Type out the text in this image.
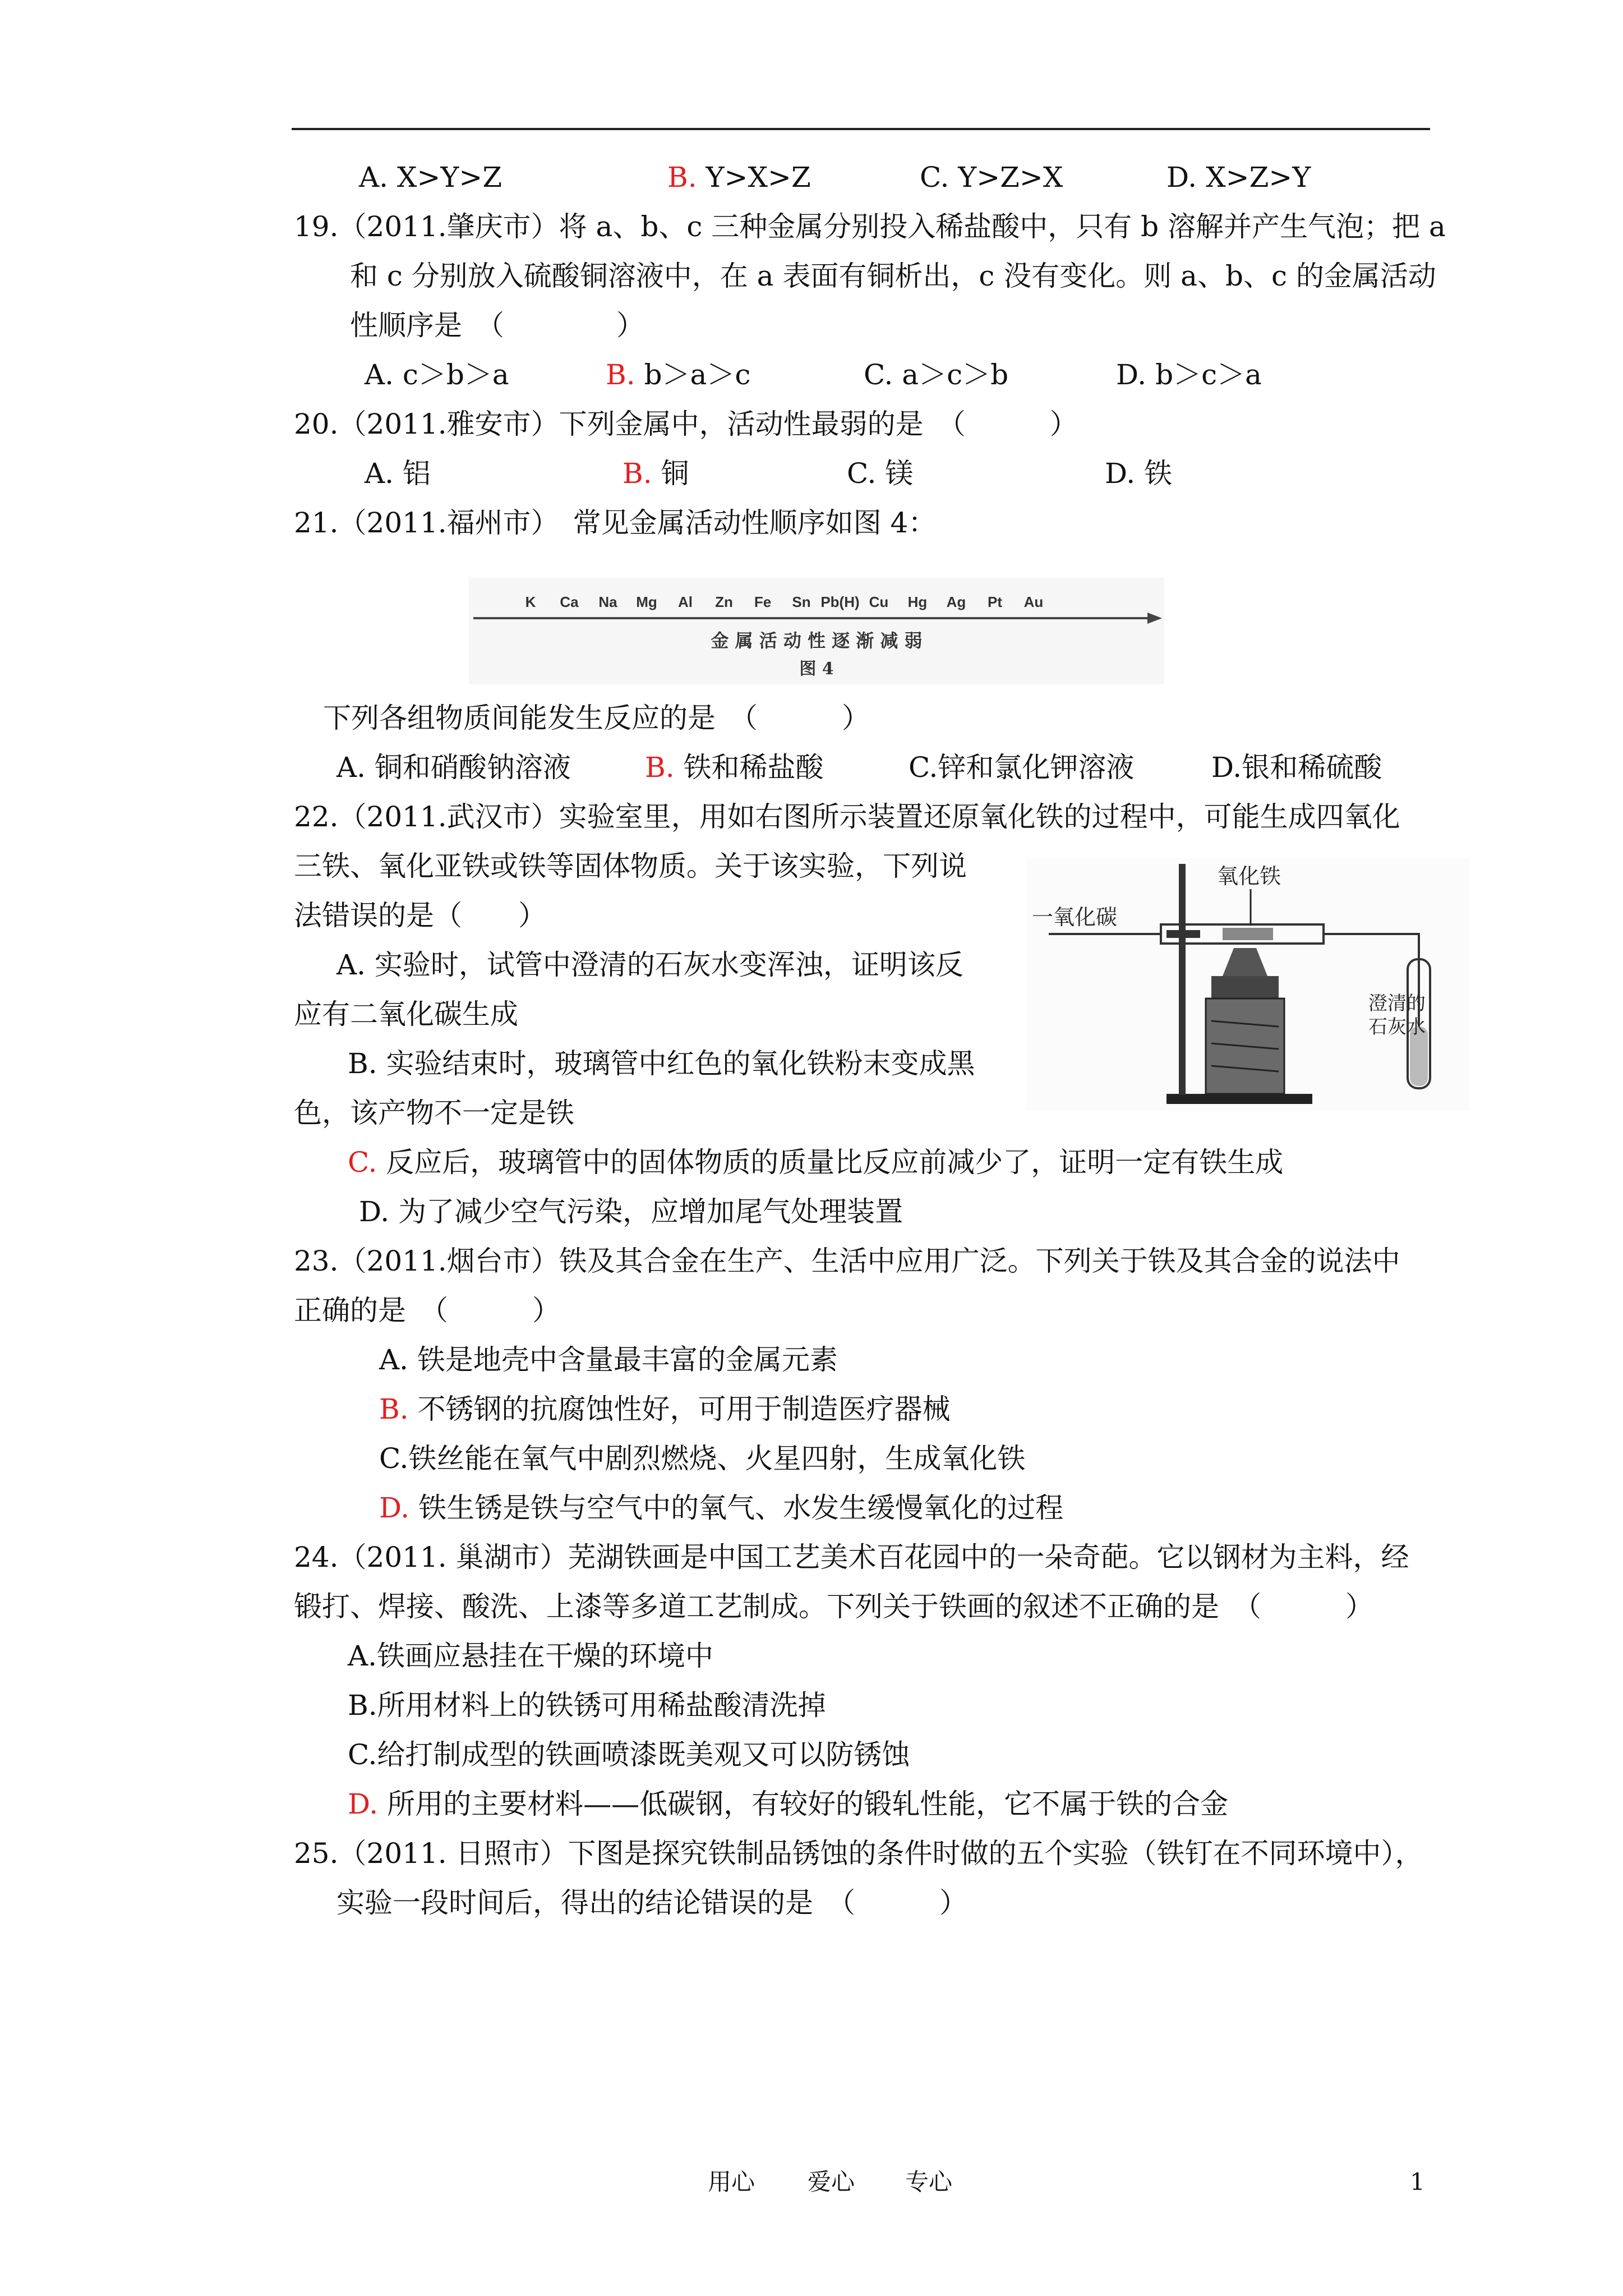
A. X>Y>Z	B. Y>X>Z	C. Y>Z>X	D. X>Z>Y
19.（2011.肇庆市）将 a、b、c 三种金属分别投入稀盐酸中，只有 b 溶解并产生气泡；把 a
和 c 分别放入硫酸铜溶液中，在 a 表面有铜析出，c 没有变化。则 a、b、c 的金属活动
性顺序是　（　　　　）
A. c＞b＞a	B. b＞a＞c	C. a＞c＞b	D. b＞c＞a
20.（2011.雅安市）下列金属中，活动性最弱的是　（　　　）
A. 铝	B. 铜	C. 镁	D. 铁
21.（2011.福州市）　常见金属活动性顺序如图 4：
K Ca Na Mg Al Zn Fe Sn Pb(H) Cu Hg Ag Pt Au
金 属 活 动 性 逐 渐 减 弱
图 4
下列各组物质间能发生反应的是　（　　　）
A. 铜和硝酸钠溶液	B. 铁和稀盐酸	C.锌和氯化钾溶液	D.银和稀硫酸
22.（2011.武汉市）实验室里，用如右图所示装置还原氧化铁的过程中，可能生成四氧化
三铁、氧化亚铁或铁等固体物质。关于该实验，下列说
法错误的是（　　）
A. 实验时，试管中澄清的石灰水变浑浊，证明该反
应有二氧化碳生成
B. 实验结束时，玻璃管中红色的氧化铁粉末变成黑
色，该产物不一定是铁
C. 反应后，玻璃管中的固体物质的质量比反应前减少了，证明一定有铁生成
D. 为了减少空气污染，应增加尾气处理装置
一氧化碳
氧化铁
澄清的
石灰水
23.（2011.烟台市）铁及其合金在生产、生活中应用广泛。下列关于铁及其合金的说法中
正确的是　（　　　）
A. 铁是地壳中含量最丰富的金属元素
B. 不锈钢的抗腐蚀性好，可用于制造医疗器械
C.铁丝能在氧气中剧烈燃烧、火星四射，生成氧化铁
D. 铁生锈是铁与空气中的氧气、水发生缓慢氧化的过程
24.（2011. 巢湖市）芜湖铁画是中国工艺美术百花园中的一朵奇葩。它以钢材为主料，经
锻打、焊接、酸洗、上漆等多道工艺制成。下列关于铁画的叙述不正确的是　（　　　）
A.铁画应悬挂在干燥的环境中
B.所用材料上的铁锈可用稀盐酸清洗掉
C.给打制成型的铁画喷漆既美观又可以防锈蚀
D. 所用的主要材料——低碳钢，有较好的锻轧性能，它不属于铁的合金
25.（2011. 日照市）下图是探究铁制品锈蚀的条件时做的五个实验（铁钉在不同环境中），
实验一段时间后，得出的结论错误的是　（　　　）
用心 爱心 专心	1
